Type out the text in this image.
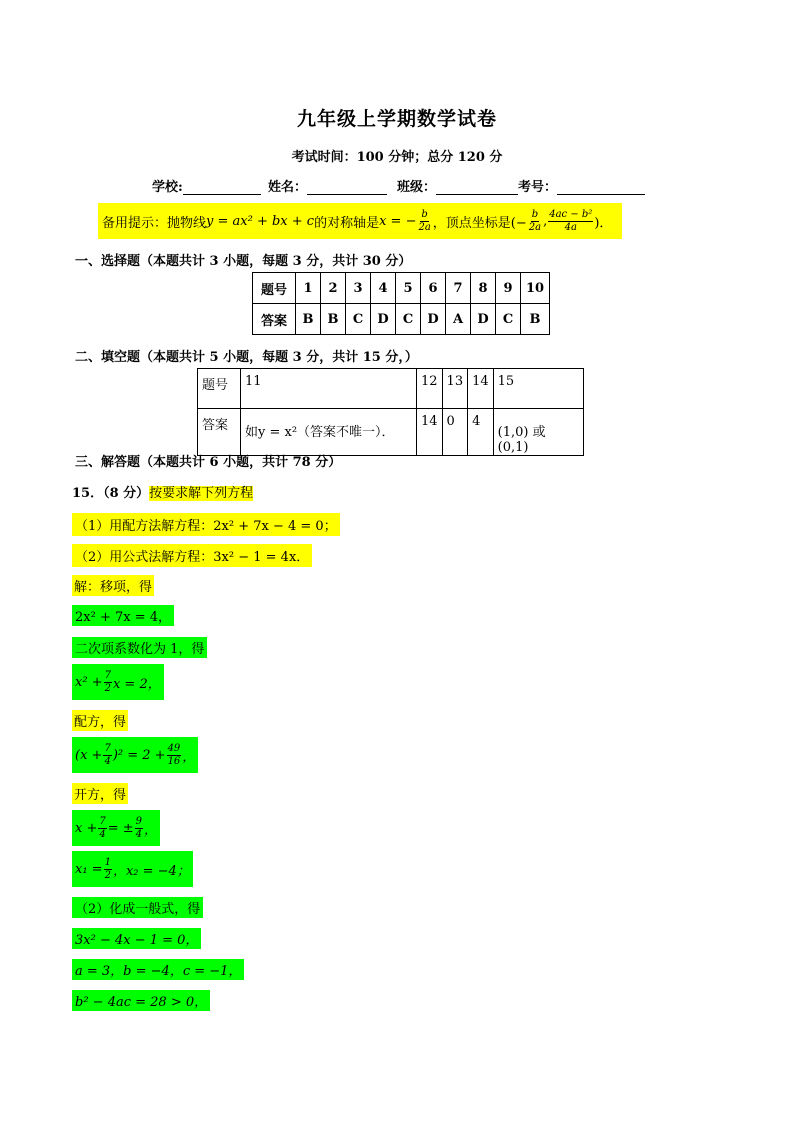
九年级上学期数学试卷
考试时间：100 分钟；总分 120 分
学校:	姓名：	班级：	考号：
备用提示：抛物线 y = ax² + bx + c 的对称轴是 x = − $\frac{b}{2a}$ ，顶点坐标是(− $\frac{b}{2a}$ , $\frac{\text{4ac − b²}}{4a}$ )．
一、选择题（本题共计 3 小题，每题 3 分，共计 30 分）
题号	1	2	3	4	5	6	7	8	9	10
答案	B	B	C	D	C	D	A	D	C	B
二、填空题（本题共计 5 小题，每题 3 分，共计 15 分，）
题号	11	12	13	14	15
答案	如y = x²（答案不唯一）．	14	0	4	(1,0) 或 (0,1)
三、解答题（本题共计 6 小题，共计 78 分）
15．（8 分）按要求解下列方程
（1）用配方法解方程：2x² + 7x − 4 = 0；
（2）用公式法解方程：3x² − 1 = 4x．
解：移项，得
2x² + 7x = 4，
二次项系数化为 1，得
$x^2 + \frac{7}{2}$ x = 2，
配方，得
$(x + \frac{7}{4} )^2 = 2 + \frac{49}{16}$ ，
开方，得
$x + \frac{7}{4}$ = ± $\frac{9}{4}$ ，
$x_1 = \frac{1}{2}$ ，x₂ = −4；
（2）化成一般式，得
3x² − 4x − 1 = 0，
a = 3，b = −4，c = −1，
b² − 4ac = 28 > 0，
